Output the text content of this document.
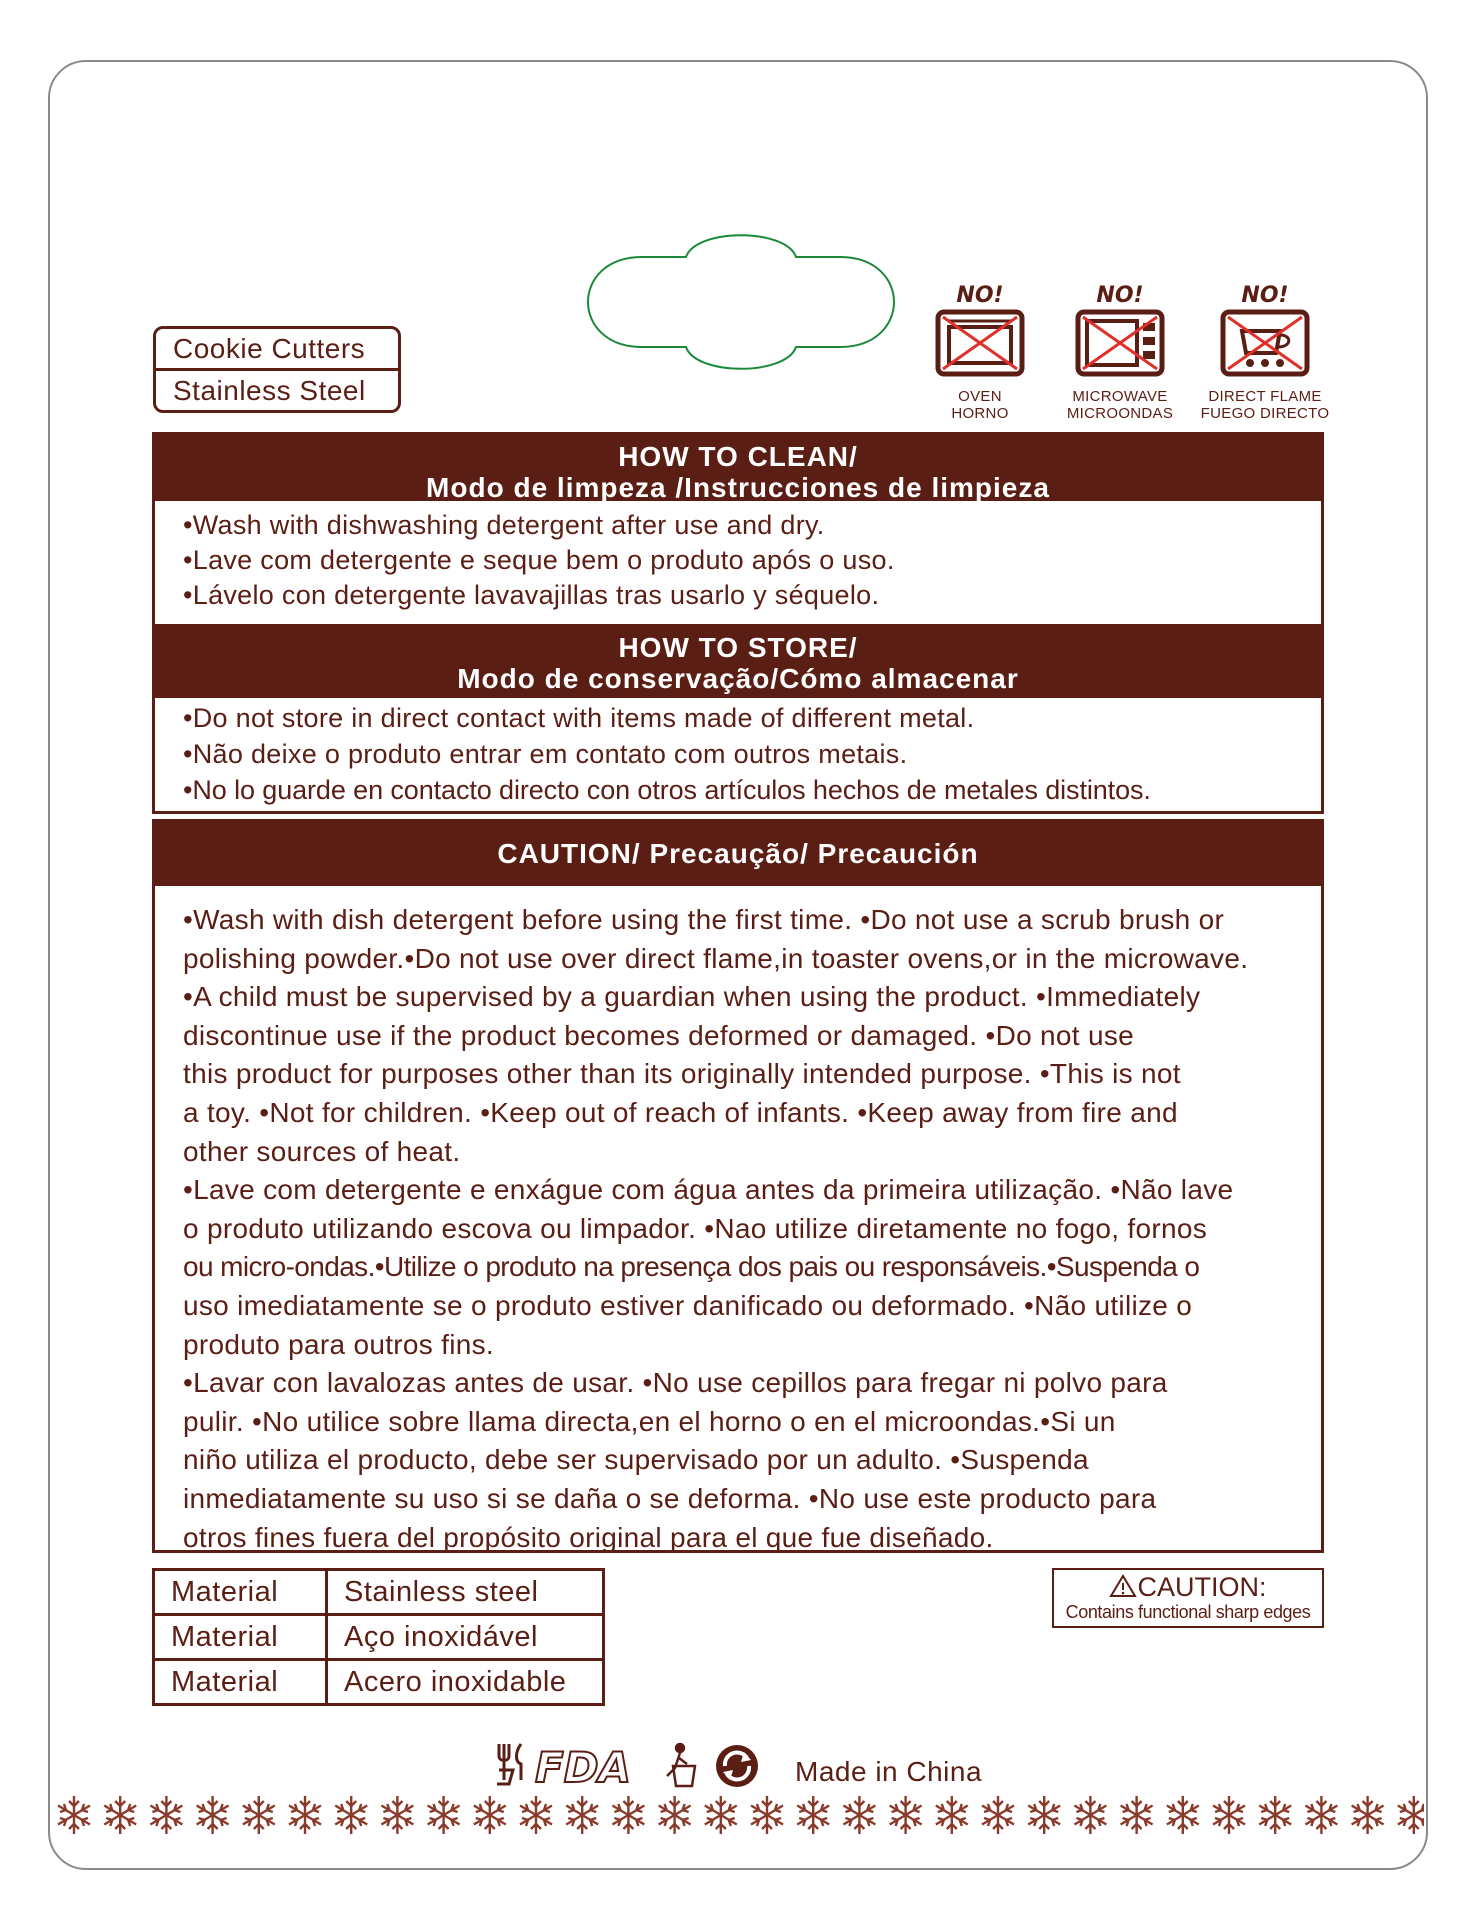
Cookie Cutters
Stainless Steel
NO!
OVEN
HORNO
NO!
MICROWAVE
MICROONDAS
NO!
DIRECT FLAME
FUEGO DIRECTO
HOW TO CLEAN/
Modo de limpeza /Instrucciones de limpieza
•Wash with dishwashing detergent after use and dry.
•Lave com detergente e seque bem o produto após o uso.
•Lávelo con detergente lavavajillas tras usarlo y séquelo.
HOW TO STORE/
Modo de conservação/Cómo almacenar
•Do not store in direct contact with items made of different metal.
•Não deixe o produto entrar em contato com outros metais.
•No lo guarde en contacto directo con otros artículos hechos de metales distintos.
CAUTION/ Precaução/ Precaución
•Wash with dish detergent before using the first time. •Do not use a scrub brush or
polishing powder.•Do not use over direct flame,in toaster ovens,or in the microwave.
•A child must be supervised by a guardian when using the product. •Immediately
discontinue use if the product becomes deformed or damaged. •Do not use
this product for purposes other than its originally intended purpose. •This is not
a toy. •Not for children. •Keep out of reach of infants. •Keep away from fire and
other sources of heat.
•Lave com detergente e enxágue com água antes da primeira utilização. •Não lave
o produto utilizando escova ou limpador. •Nao utilize diretamente no fogo, fornos
ou micro-ondas.•Utilize o produto na presença dos pais ou responsáveis.•Suspenda o
uso imediatamente se o produto estiver danificado ou deformado. •Não utilize o
produto para outros fins.
•Lavar con lavalozas antes de usar. •No use cepillos para fregar ni polvo para
pulir. •No utilice sobre llama directa,en el horno o en el microondas.•Si un
niño utiliza el producto, debe ser supervisado por un adulto. •Suspenda
inmediatamente su uso si se daña o se deforma. •No use este producto para
otros fines fuera del propósito original para el que fue diseñado.
Material	Stainless steel
Material	Aço inoxidável
Material	Acero inoxidable
CAUTION:
Contains functional sharp edges
FDA	Made in China
